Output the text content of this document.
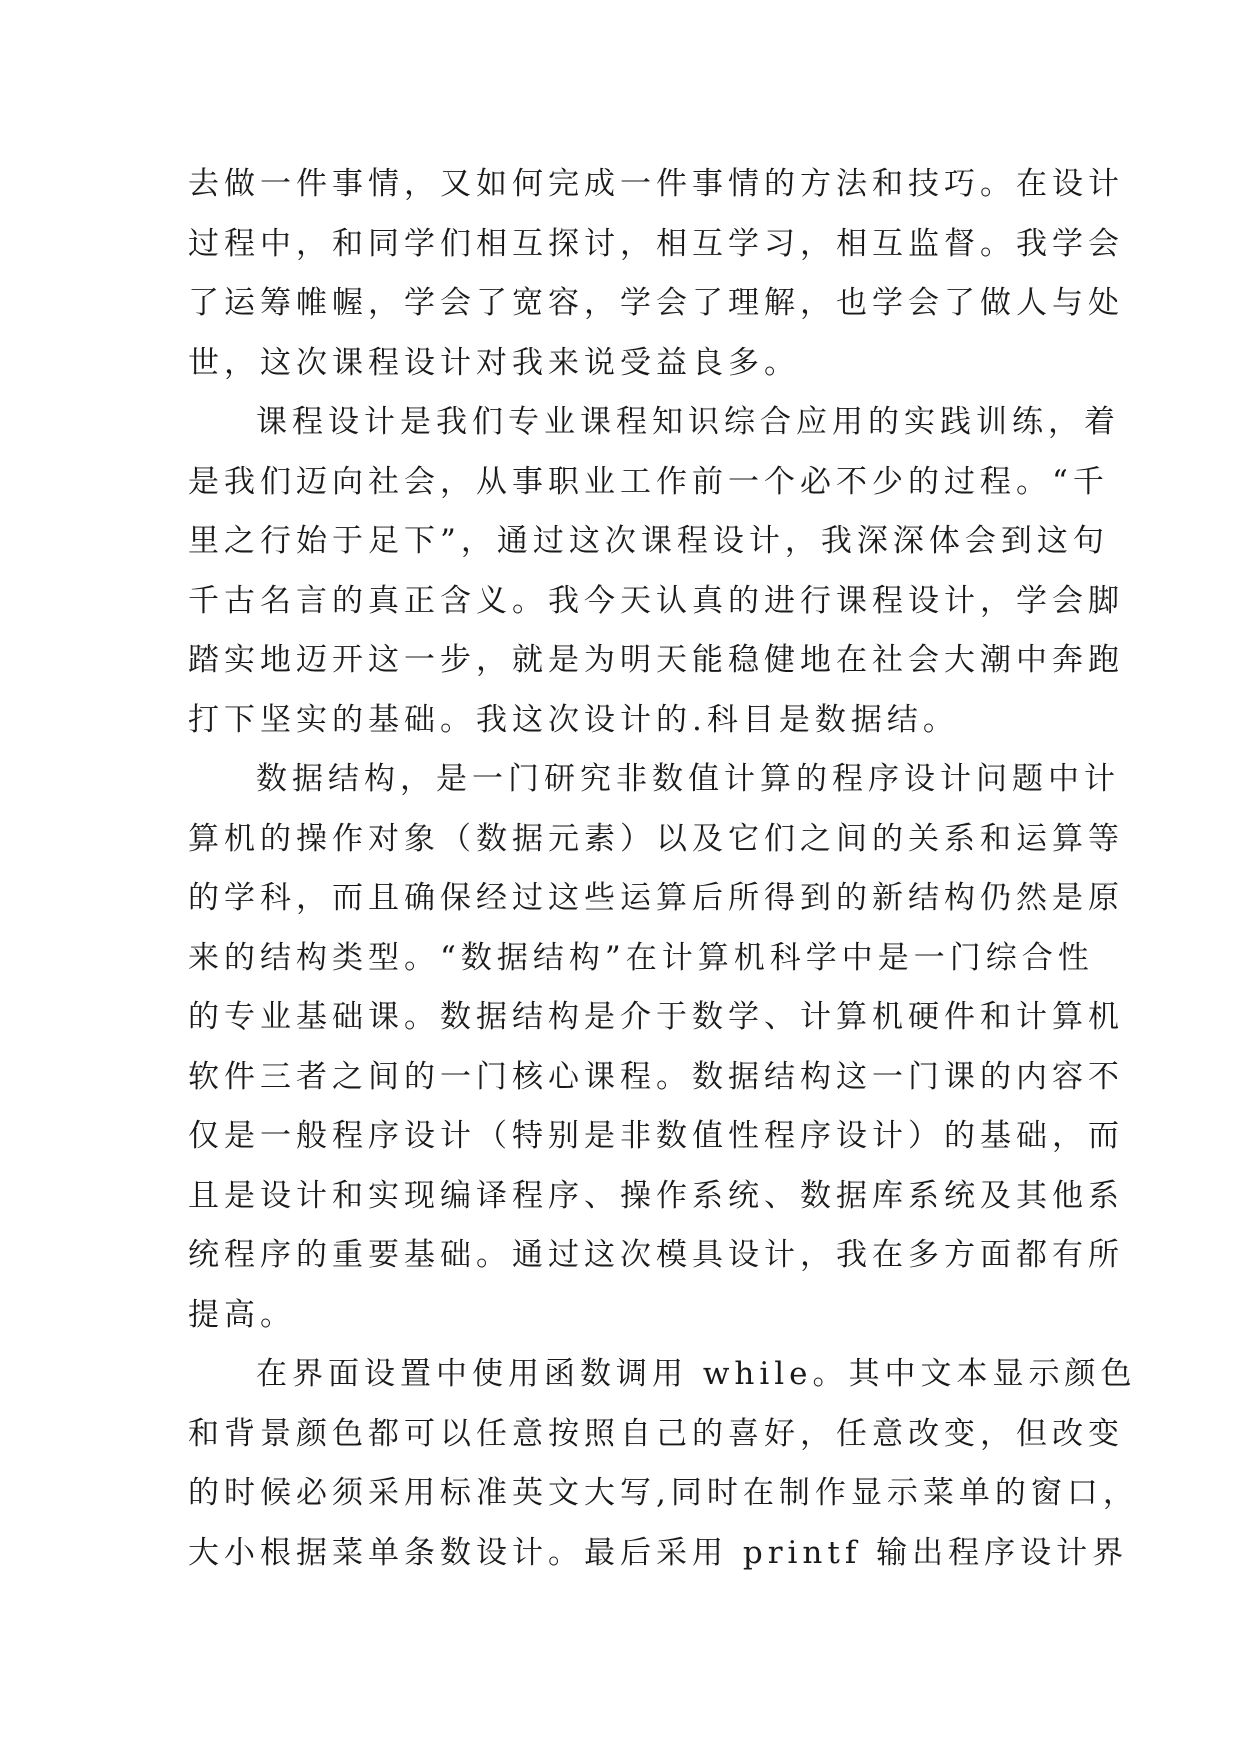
去做一件事情，又如何完成一件事情的方法和技巧。在设计
过程中，和同学们相互探讨，相互学习，相互监督。我学会
了运筹帷幄，学会了宽容，学会了理解，也学会了做人与处
世，这次课程设计对我来说受益良多。
课程设计是我们专业课程知识综合应用的实践训练，着
是我们迈向社会，从事职业工作前一个必不少的过程。“千
里之行始于足下”，通过这次课程设计，我深深体会到这句
千古名言的真正含义。我今天认真的进行课程设计，学会脚
踏实地迈开这一步，就是为明天能稳健地在社会大潮中奔跑
打下坚实的基础。我这次设计的.科目是数据结。
数据结构，是一门研究非数值计算的程序设计问题中计
算机的操作对象（数据元素）以及它们之间的关系和运算等
的学科，而且确保经过这些运算后所得到的新结构仍然是原
来的结构类型。“数据结构”在计算机科学中是一门综合性
的专业基础课。数据结构是介于数学、计算机硬件和计算机
软件三者之间的一门核心课程。数据结构这一门课的内容不
仅是一般程序设计（特别是非数值性程序设计）的基础，而
且是设计和实现编译程序、操作系统、数据库系统及其他系
统程序的重要基础。通过这次模具设计，我在多方面都有所
提高。
在界面设置中使用函数调用 while。其中文本显示颜色
和背景颜色都可以任意按照自己的喜好，任意改变，但改变
的时候必须采用标准英文大写,同时在制作显示菜单的窗口，
大小根据菜单条数设计。最后采用 printf 输出程序设计界
